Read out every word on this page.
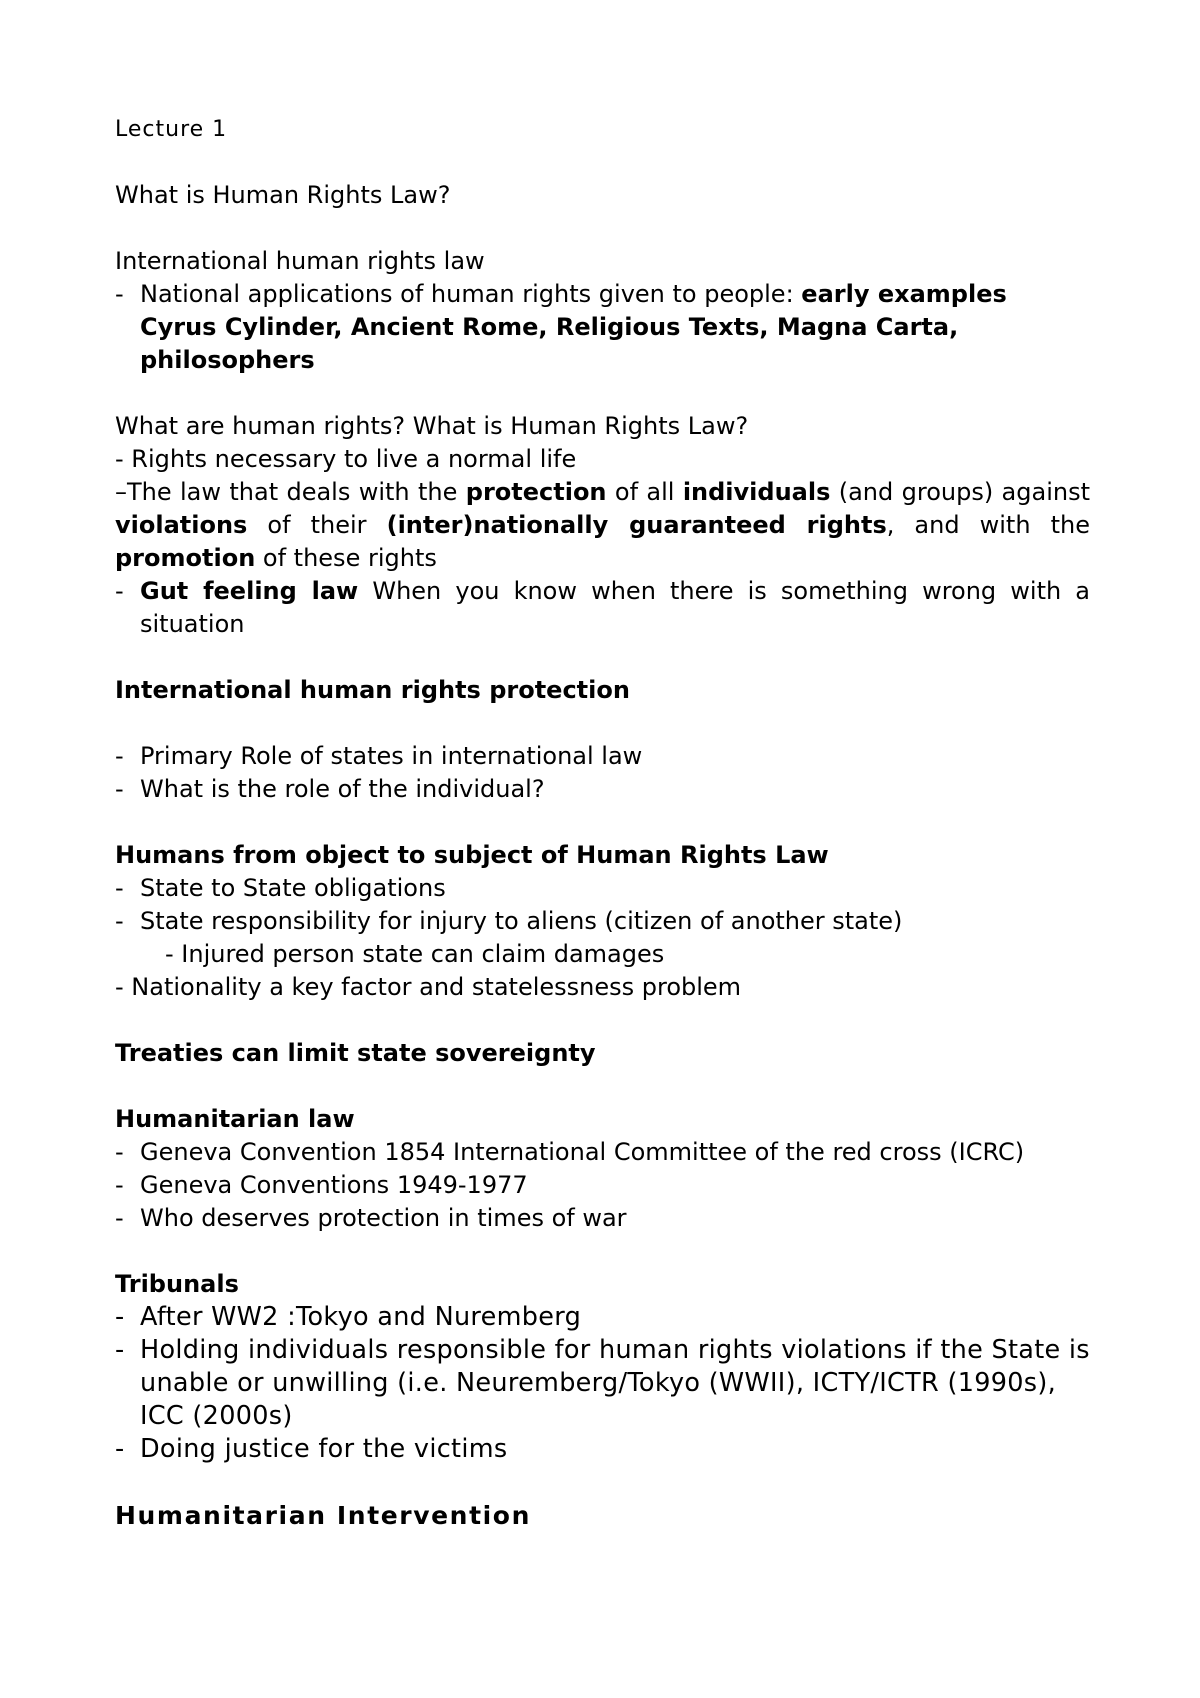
Lecture 1

What is Human Rights Law?

International human rights law

- National applications of human rights given to people: early examples Cyrus Cylinder, Ancient Rome, Religious Texts, Magna Carta, philosophers

What are human rights? What is Human Rights Law?

- Rights necessary to live a normal life

–The law that deals with the protection of all individuals (and groups) against violations of their (inter)nationally guaranteed rights, and with the promotion of these rights

- Gut feeling law When you know when there is something wrong with a situation

International human rights protection

- Primary Role of states in international law
- What is the role of the individual?

Humans from object to subject of Human Rights Law

- State to State obligations
- State responsibility for injury to aliens (citizen of another state)

- Injured person state can claim damages

- Nationality a key factor and statelessness problem

Treaties can limit state sovereignty

Humanitarian law

- Geneva Convention 1854 International Committee of the red cross (ICRC)
- Geneva Conventions 1949-1977
- Who deserves protection in times of war

Tribunals

- After WW2 :Tokyo and Nuremberg
- Holding individuals responsible for human rights violations if the State is unable or unwilling (i.e. Neuremberg/Tokyo (WWII), ICTY/ICTR (1990s), ICC (2000s)
- Doing justice for the victims

Humanitarian Intervention
